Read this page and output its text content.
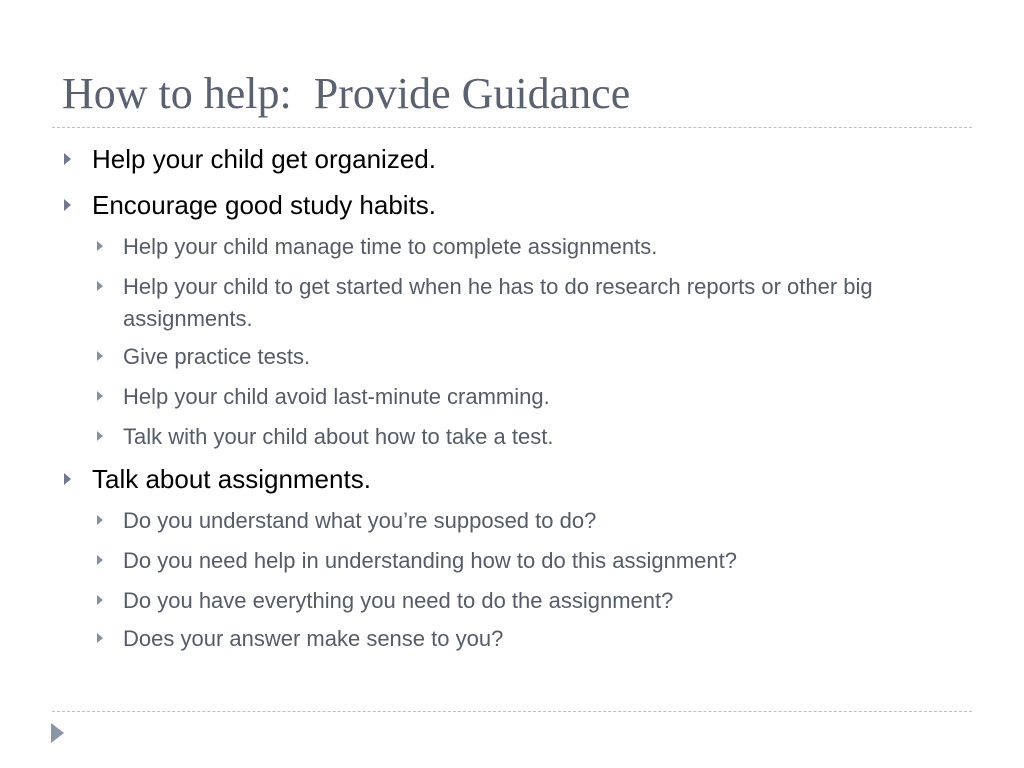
How to help:  Provide Guidance
Help your child get organized.
Encourage good study habits.
Help your child manage time to complete assignments.
Help your child to get started when he has to do research reports or other big assignments.
Give practice tests.
Help your child avoid last-minute cramming.
Talk with your child about how to take a test.
Talk about assignments.
Do you understand what you’re supposed to do?
Do you need help in understanding how to do this assignment?
Do you have everything you need to do the assignment?
Does your answer make sense to you?
